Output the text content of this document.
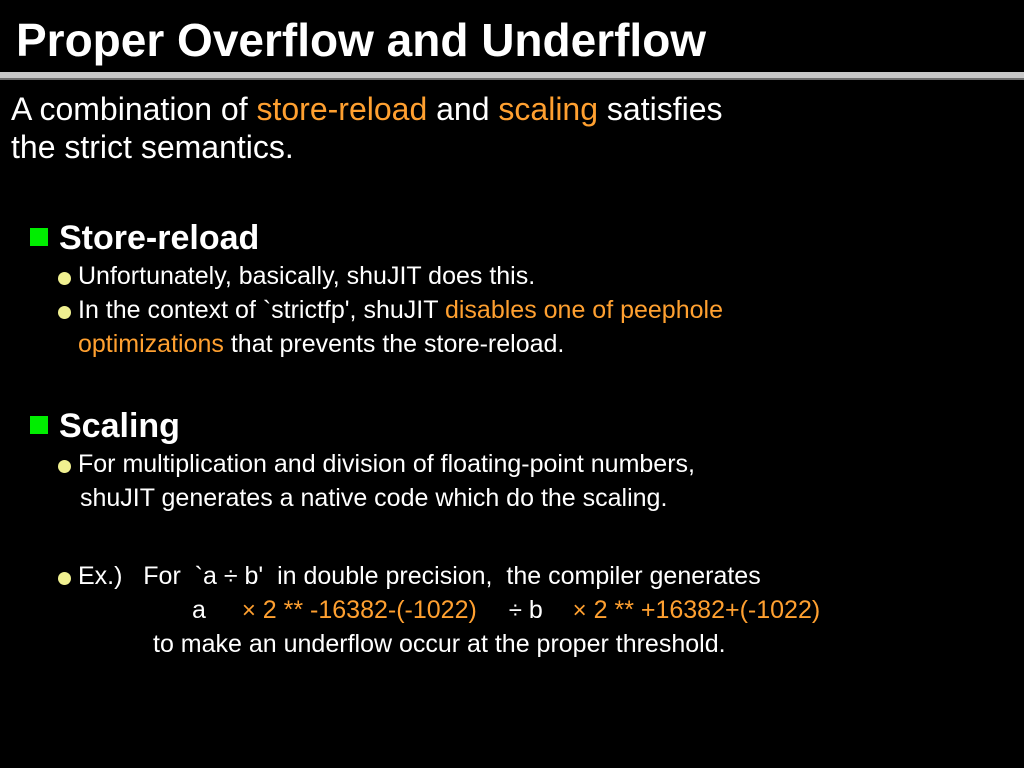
Proper Overflow and Underflow
A combination of store-reload and scaling satisfies
the strict semantics.
Store-reload
Unfortunately, basically, shuJIT does this.
In the context of `strictfp', shuJIT disables one of peephole
optimizations that prevents the store-reload.
Scaling
For multiplication and division of floating-point numbers,
shuJIT generates a native code which do the scaling.
Ex.)   For  `a ÷ b'  in double precision,  the compiler generates
a × 2 ** -16382-(-1022) ÷ b × 2 ** +16382+(-1022)
to make an underflow occur at the proper threshold.
